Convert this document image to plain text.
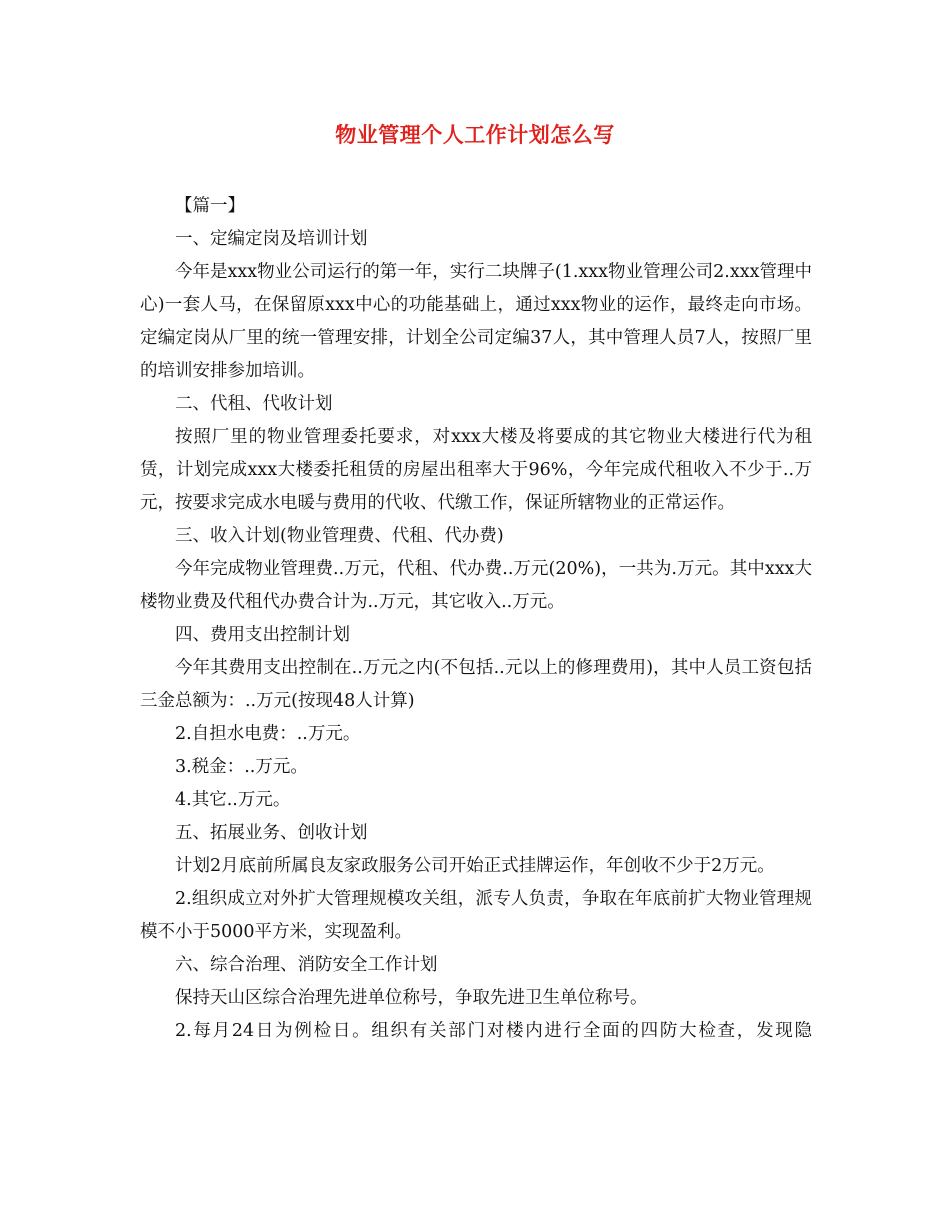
物业管理个人工作计划怎么写

【篇一】

一、定编定岗及培训计划

今年是xxx物业公司运行的第一年，实行二块牌子(1.xxx物业管理公司2.xxx管理中心)一套人马，在保留原xxx中心的功能基础上，通过xxx物业的运作，最终走向市场。定编定岗从厂里的统一管理安排，计划全公司定编37人，其中管理人员7人，按照厂里的培训安排参加培训。

二、代租、代收计划

按照厂里的物业管理委托要求，对xxx大楼及将要成的其它物业大楼进行代为租赁，计划完成xxx大楼委托租赁的房屋出租率大于96%，今年完成代租收入不少于..万元，按要求完成水电暖与费用的代收、代缴工作，保证所辖物业的正常运作。

三、收入计划(物业管理费、代租、代办费)

今年完成物业管理费..万元，代租、代办费..万元(20%)，一共为.万元。其中xxx大楼物业费及代租代办费合计为..万元，其它收入..万元。

四、费用支出控制计划

今年其费用支出控制在..万元之内(不包括..元以上的修理费用)，其中人员工资包括三金总额为：..万元(按现48人计算)

2.自担水电费：..万元。

3.税金：..万元。

4.其它..万元。

五、拓展业务、创收计划

计划2月底前所属良友家政服务公司开始正式挂牌运作，年创收不少于2万元。

2.组织成立对外扩大管理规模攻关组，派专人负责，争取在年底前扩大物业管理规模不小于5000平方米，实现盈利。

六、综合治理、消防安全工作计划

保持天山区综合治理先进单位称号，争取先进卫生单位称号。

2.每月24日为例检日。组织有关部门对楼内进行全面的四防大检查，发现隐
